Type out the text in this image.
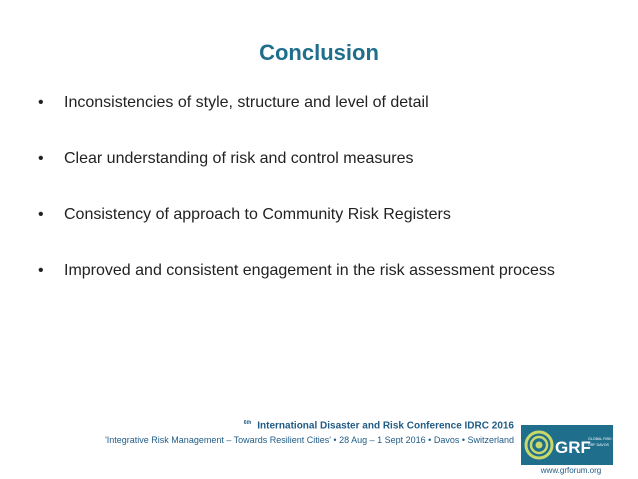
Conclusion
• Inconsistencies of style, structure and level of detail
• Clear understanding of risk and control measures
• Consistency of approach to Community Risk Registers
• Improved and consistent engagement in the risk assessment process
$^{6th}$ International Disaster and Risk Conference IDRC 2016
'Integrative Risk Management – Towards Resilient Cities' • 28 Aug – 1 Sept 2016 • Davos • Switzerland GRF
GLOBAL RISK FORUM
GRF DAVOS
www.grforum.org
